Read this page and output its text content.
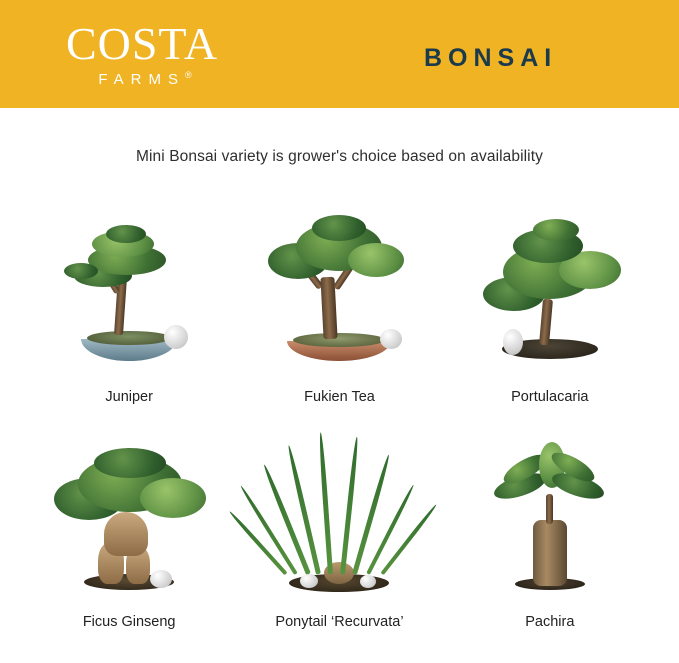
COSTA
FARMS®
BONSAI
Mini Bonsai variety is grower's choice based on availability
Juniper	Fukien Tea	Portulacaria
Ficus Ginseng	Ponytail ‘Recurvata’	Pachira
